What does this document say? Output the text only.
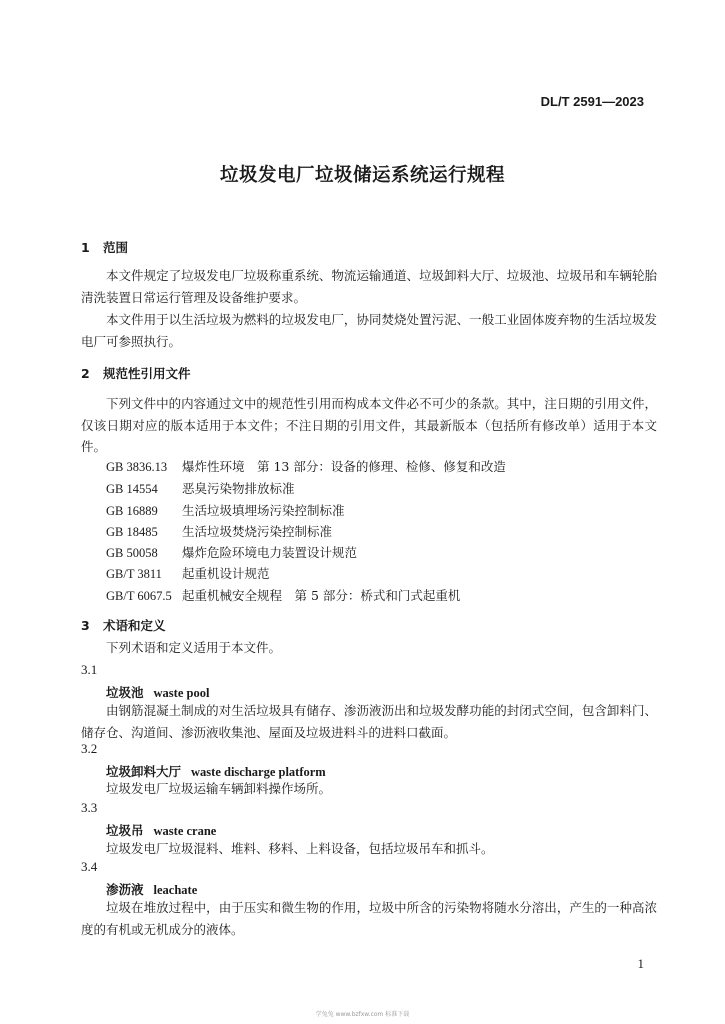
DL/T 2591—2023
垃圾发电厂垃圾储运系统运行规程
1 范围
本文件规定了垃圾发电厂垃圾称重系统、物流运输通道、垃圾卸料大厅、垃圾池、垃圾吊和车辆轮胎清洗装置日常运行管理及设备维护要求。
本文件用于以生活垃圾为燃料的垃圾发电厂，协同焚烧处置污泥、一般工业固体废弃物的生活垃圾发电厂可参照执行。
2 规范性引用文件
下列文件中的内容通过文中的规范性引用而构成本文件必不可少的条款。其中，注日期的引用文件，仅该日期对应的版本适用于本文件；不注日期的引用文件，其最新版本（包括所有修改单）适用于本文件。
GB 3836.13 爆炸性环境　第 13 部分：设备的修理、检修、修复和改造
GB 14554 恶臭污染物排放标准
GB 16889 生活垃圾填埋场污染控制标准
GB 18485 生活垃圾焚烧污染控制标准
GB 50058 爆炸危险环境电力装置设计规范
GB/T 3811 起重机设计规范
GB/T 6067.5 起重机械安全规程　第 5 部分：桥式和门式起重机
3 术语和定义
下列术语和定义适用于本文件。
3.1
垃圾池 waste pool
由钢筋混凝土制成的对生活垃圾具有储存、渗沥液沥出和垃圾发酵功能的封闭式空间，包含卸料门、储存仓、沟道间、渗沥液收集池、屋面及垃圾进料斗的进料口截面。
3.2
垃圾卸料大厅 waste discharge platform
垃圾发电厂垃圾运输车辆卸料操作场所。
3.3
垃圾吊 waste crane
垃圾发电厂垃圾混料、堆料、移料、上料设备，包括垃圾吊车和抓斗。
3.4
渗沥液 leachate
垃圾在堆放过程中，由于压实和微生物的作用，垃圾中所含的污染物将随水分溶出，产生的一种高浓度的有机或无机成分的液体。
1
学兔兔 www.bzfxw.com 标准下载
